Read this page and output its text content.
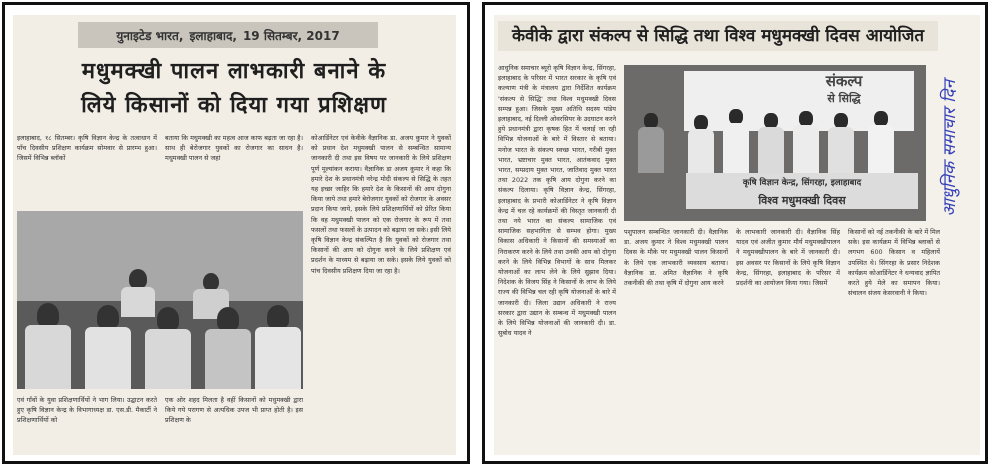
युनाइटेड भारत, इलाहाबाद, 19 सितम्बर, 2017
मधुमक्खी पालन लाभकारी बनाने के
लिये किसानों को दिया गया प्रशिक्षण
इलाहाबाद, १८ सितम्बर। कृषि विज्ञान केन्द्र के तत्वाधान में पाँच दिवसीय प्रशिक्षण कार्यक्रम सोमवार से प्रारम्भ हुआ। जिसमें विभिन्न ब्लॉकों
बताया कि मधुमक्खी का महत्व आज काफ बढ़ता जा रहा है। साथ ही बेरोजगार युवकों का रोजगार का साधन है। मधुमक्खी पालन से जहां
कोआर्डिनेटर एवं केवीके वैज्ञानिक डा. अजय कुमार ने युवकों को प्रधान देश मधुमक्खी पालन से सम्बन्धित सामान्य जानकारी दी तथा इस विषय पर जानकारी के लिये प्रशिक्षण पूर्ण मूल्यांकन कराया। वैज्ञानिक डा अजय कुमार ने कहा कि हमारे देश के प्रधानमंत्री नरेन्द्र मोदी संकल्प से सिद्धि के तहत यह इच्छा जाहिर कि हमारे देश के किसानों की आय दोगुना किया जाये तथा हमारे बेरोजगार युवकों को रोजगार के अवसर प्रदान किया जाये, इसके लिये प्रशिक्षणार्थियों को प्रेरित किया कि वह मधुमक्खी पालन को एक रोजगार के रूप में तथा फसलों तथा फसलों के उत्पादन को बढ़ाया जा सके। इसी लिये कृषि विज्ञान केन्द्र संकल्पित है कि युवकों को रोजगार तथा किसानों की आय को दोगुना करने के लिये प्रशिक्षण एवं प्रदर्शन के माध्यम से बढ़ाया जा सके। इसके लिये युवकों को पांच दिवसीय प्रशिक्षण दिया जा रहा है।
एवं गाँवों के युवा प्रशिक्षणार्थियों ने भाग लिया। उद्घाटन करते हुए कृषि विज्ञान केन्द्र के विभागाध्यक्ष डा. एस.डी. मैकार्टी ने प्रशिक्षणार्थियों को
एक ओर शहद मिलता है वहीं किसानों को मधुमक्खी द्वारा किये गये परागण से अत्यधिक उपज भी प्राप्त होती है। इस प्रशिक्षण के
केवीके द्वारा संकल्प से सिद्धि तथा विश्व मधुमक्खी दिवस आयोजित
आधुनिक समाचार ब्यूरो कृषि विज्ञान केन्द्र, सिंगरहा, इलाहाबाद के परिसर में भारत सरकार के कृषि एवं कल्याण मंत्री के मंत्रालय द्वारा निर्देशित कार्यक्रम 'संकल्प से सिद्धि' तथा विश्व मधुमक्खी दिवस सम्पन्न हुआ। जिसके मुख्य अतिथि सदस्य पांडेय इलाहाबाद, नई दिल्ली ओवरसियर के उदघाटन करने हुये प्रधानमंत्री द्वारा कृषक हित में चलाई जा रही विभिन्न योजनाओं के बारे में विस्तार से बताया। मनोज भारत के संकल्प स्वच्छ भारत, गरीबी मुक्त भारत, भ्रष्टाचार मुक्त भारत, आतंकवाद मुक्त भारत, सम्प्रदाय मुक्त भारत, जातिवाद मुक्त भारत तथा 2022 तक कृषि आय दोगुना करने का संकल्प दिलाया। कृषि विज्ञान केन्द्र, सिंगरहा, इलाहाबाद के प्रभारी कोआर्डिनेटर ने कृषि विज्ञान केन्द्र में चल रहे कार्यक्रमों की विस्तृत जानकारी दी तथा नये भारत का संकल्प सामाजिक एवं सामाजिक सहभागिता से सम्भव होगा। मुख्य विकास अधिकारी ने किसानों की समस्याओं का निराकरण करने के लिये तथा उनकी आय को दोगुना करने के लिये विभिन्न विभागों के साथ मिलकर योजनाओं का लाभ लेने के लिये सुझाव दिया। निदेशक के विजय सिंह ने किसानों के लाभ के लिये राज्य की विभिन्न चल रही कृषि योजनाओं के बारे में जानकारी दी। जिला उद्यान अधिकारी ने राज्य सरकार द्वारा उद्यान के सम्बन्ध में मधुमक्खी पालन के लिये विभिन्न योजनाओं की जानकारी दी। डा. सुबोध यादव ने
संकल्प
से सिद्धि
कृषि विज्ञान केन्द्र, सिंगरहा, इलाहाबाद
विश्व मधुमक्खी दिवस
पशुपालन सम्बन्धित जानकारी दी। वैज्ञानिक डा. अजय कुमार ने विश्व मधुमक्खी पालन दिवस के मौके पर मधुमक्खी पालन किसानों के लिये एक लाभकारी व्यवसाय बताया। वैज्ञानिक डा. अमित वैज्ञानिक ने कृषि तकनीकी की तथा कृषि में दोगुना आय करने
के लाभकारी जानकारी दी। वैज्ञानिक सिंह यादव एवं अजीत कुमार मौर्य मधुमक्खीपालन ने मधुमक्खीपालन के बारे में जानकारी दी। इस अवसर पर किसानों के लिये कृषि विज्ञान केन्द्र, सिंगरहा, इलाहाबाद के परिसर में प्रदर्शनी का आयोजन किया गया। जिसमें
किसानों को नई तकनीकी के बारे में मिल सके। इस कार्यक्रम में विभिन्न ब्लाकों से लगभग 600 किसान व महिलायें उपस्थित थे। सिंगरहा के प्रसार निदेशक कार्यक्रम कोआर्डिनेटर ने धन्यवाद ज्ञापित करते हुये मेले का समापन किया। संचालन संजय केसरवानी ने किया।
आधुनिक समाचार दिन
